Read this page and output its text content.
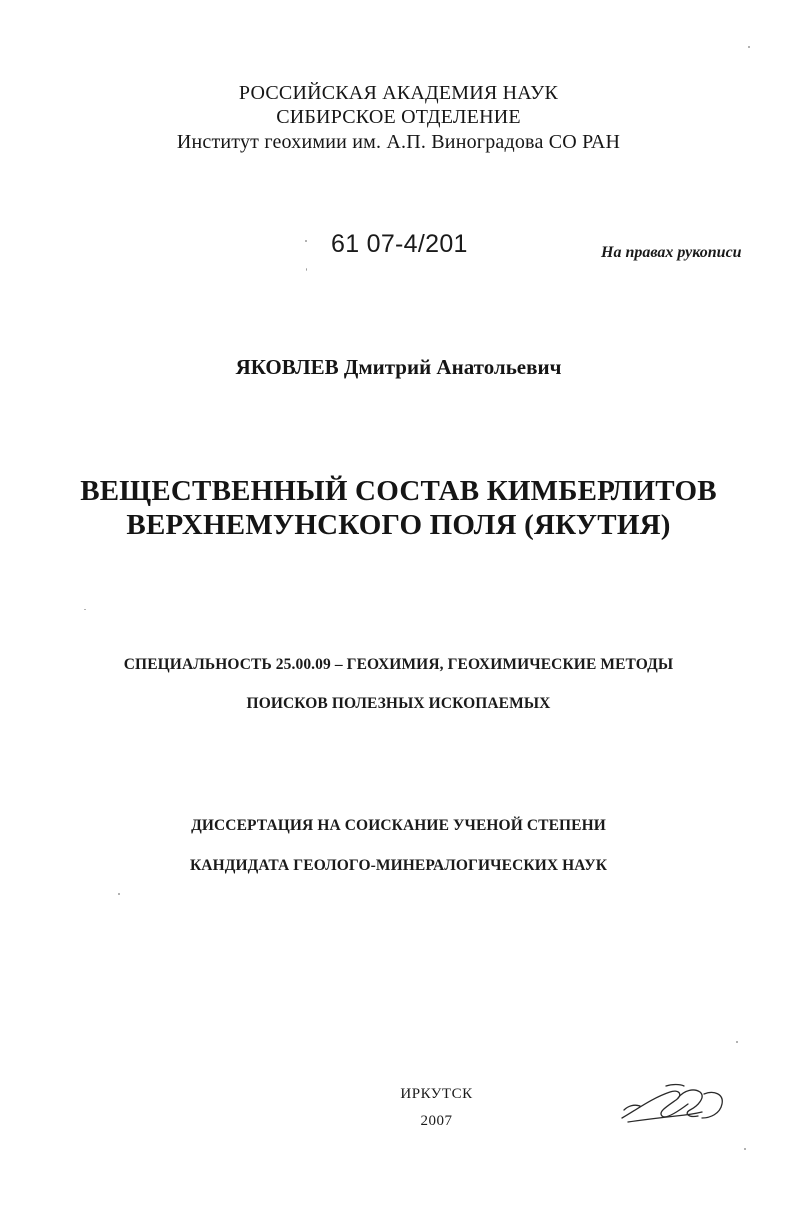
РОССИЙСКАЯ АКАДЕМИЯ НАУК
СИБИРСКОЕ ОТДЕЛЕНИЕ
Институт геохимии им. А.П. Виноградова СО РАН
61 07-4/201	На правах рукописи
ЯКОВЛЕВ Дмитрий Анатольевич
ВЕЩЕСТВЕННЫЙ СОСТАВ КИМБЕРЛИТОВ
ВЕРХНЕМУНСКОГО ПОЛЯ (ЯКУТИЯ)
СПЕЦИАЛЬНОСТЬ 25.00.09 – ГЕОХИМИЯ, ГЕОХИМИЧЕСКИЕ МЕТОДЫ
ПОИСКОВ ПОЛЕЗНЫХ ИСКОПАЕМЫХ
ДИССЕРТАЦИЯ НА СОИСКАНИЕ УЧЕНОЙ СТЕПЕНИ
КАНДИДАТА ГЕОЛОГО-МИНЕРАЛОГИЧЕСКИХ НАУК
ИРКУТСК
2007
